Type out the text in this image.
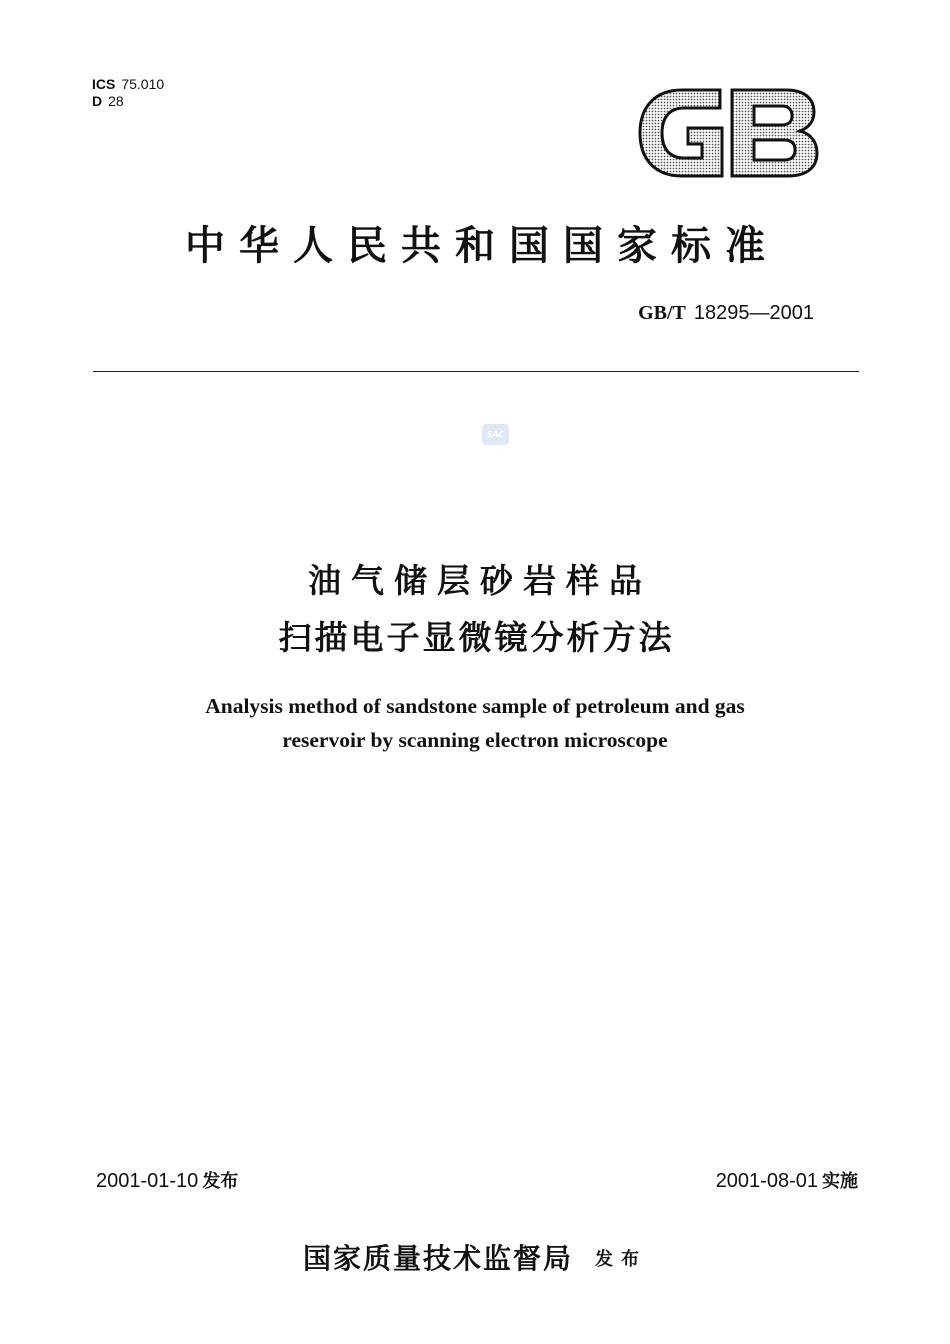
ICS 75.010
D 28
中华人民共和国国家标准
GB/T 18295—2001
SAC
油气储层砂岩样品
扫描电子显微镜分析方法
Analysis method of sandstone sample of petroleum and gas
reservoir by scanning electron microscope
2001-01-10 发布	2001-08-01 实施
国家质量技术监督局 发布
